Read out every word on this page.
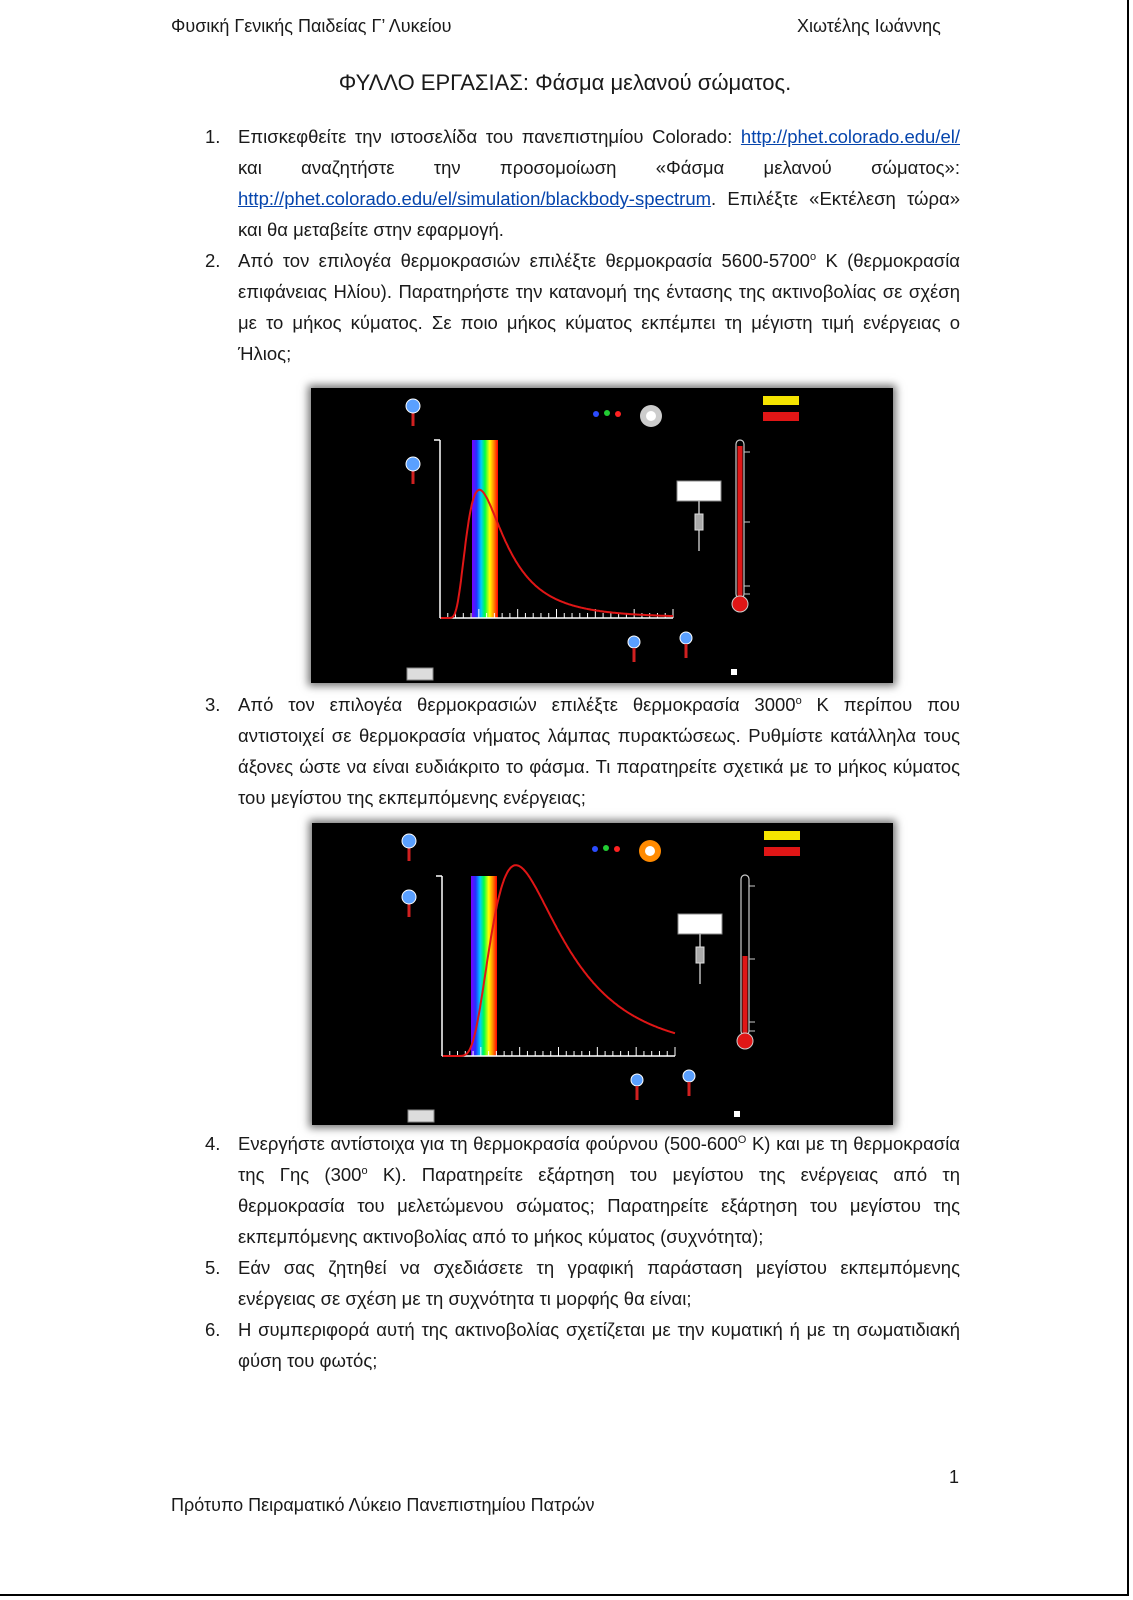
Φυσική Γενικής Παιδείας Γ’ Λυκείου	Χιωτέλης Ιωάννης
ΦΥΛΛΟ ΕΡΓΑΣΙΑΣ: Φάσμα μελανού σώματος.
1. Επισκεφθείτε την ιστοσελίδα του πανεπιστημίου Colorado: http://phet.colorado.edu/el/ και αναζητήστε την προσομοίωση «Φάσμα μελανού σώματος»: http://phet.colorado.edu/el/simulation/blackbody-spectrum. Επιλέξτε «Εκτέλεση τώρα» και θα μεταβείτε στην εφαρμογή.
2. Από τον επιλογέα θερμοκρασιών επιλέξτε θερμοκρασία 5600-5700$^o$ K (θερμοκρασία επιφάνειας Ηλίου). Παρατηρήστε την κατανομή της έντασης της ακτινοβολίας σε σχέση με το μήκος κύματος. Σε ποιο μήκος κύματος εκπέμπει τη μέγιστη τιμή ενέργειας ο Ήλιος;
3. Από τον επιλογέα θερμοκρασιών επιλέξτε θερμοκρασία 3000$^o$ K περίπου που αντιστοιχεί σε θερμοκρασία νήματος λάμπας πυρακτώσεως. Ρυθμίστε κατάλληλα τους άξονες ώστε να είναι ευδιάκριτο το φάσμα. Τι παρατηρείτε σχετικά με το μήκος κύματος του μεγίστου της εκπεμπόμενης ενέργειας;
4. Ενεργήστε αντίστοιχα για τη θερμοκρασία φούρνου ($500-600^O$ K) και με τη θερμοκρασία της Γης (300$^o$ K). Παρατηρείτε εξάρτηση του μεγίστου της ενέργειας από τη θερμοκρασία του μελετώμενου σώματος; Παρατηρείτε εξάρτηση του μεγίστου της εκπεμπόμενης ακτινοβολίας από το μήκος κύματος (συχνότητα);
5. Εάν σας ζητηθεί να σχεδιάσετε τη γραφική παράσταση μεγίστου εκπεμπόμενης ενέργειας σε σχέση με τη συχνότητα τι μορφής θα είναι;
6. Η συμπεριφορά αυτή της ακτινοβολίας σχετίζεται με την κυματική ή με τη σωματιδιακή φύση του φωτός;
1
Πρότυπο Πειραματικό Λύκειο Πανεπιστημίου Πατρών
